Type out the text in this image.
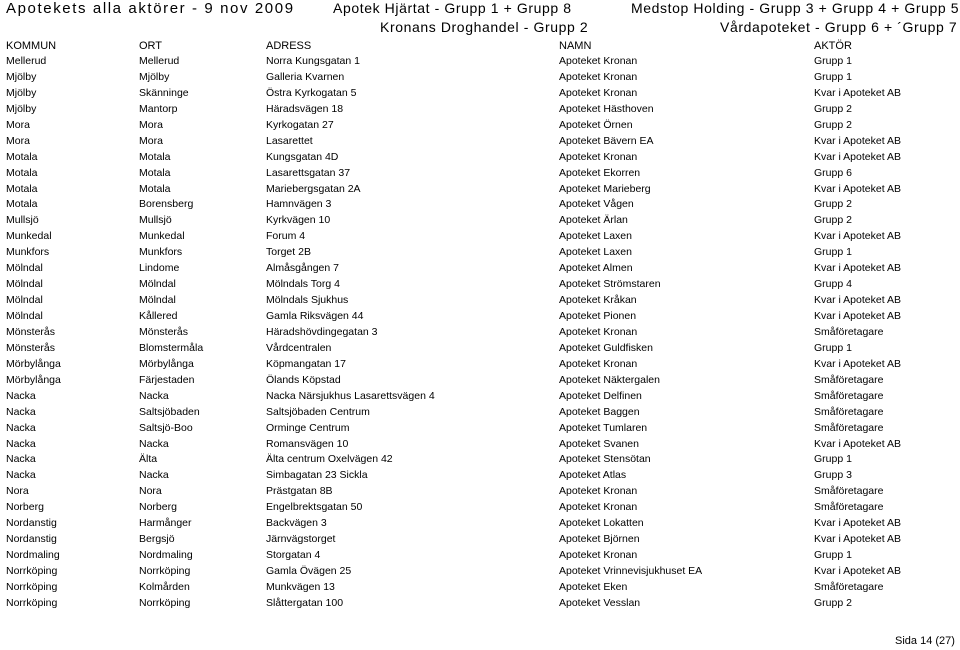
Apotekets alla aktörer - 9 nov 2009	Apotek Hjärtat - Grupp 1 + Grupp 8	Medstop Holding - Grupp 3 + Grupp 4 + Grupp 5
Kronans Droghandel - Grupp 2	Vårdapoteket - Grupp 6 + ´Grupp 7
KOMMUN	ORT	ADRESS	NAMN	AKTÖR
Mellerud	Mellerud	Norra Kungsgatan 1	Apoteket Kronan	Grupp 1
Mjölby	Mjölby	Galleria Kvarnen	Apoteket Kronan	Grupp 1
Mjölby	Skänninge	Östra Kyrkogatan 5	Apoteket Kronan	Kvar i Apoteket AB
Mjölby	Mantorp	Häradsvägen 18	Apoteket Hästhoven	Grupp 2
Mora	Mora	Kyrkogatan 27	Apoteket Örnen	Grupp 2
Mora	Mora	Lasarettet	Apoteket Bävern EA	Kvar i Apoteket AB
Motala	Motala	Kungsgatan 4D	Apoteket Kronan	Kvar i Apoteket AB
Motala	Motala	Lasarettsgatan 37	Apoteket Ekorren	Grupp 6
Motala	Motala	Mariebergsgatan 2A	Apoteket Marieberg	Kvar i Apoteket AB
Motala	Borensberg	Hamnvägen 3	Apoteket Vågen	Grupp 2
Mullsjö	Mullsjö	Kyrkvägen 10	Apoteket Ärlan	Grupp 2
Munkedal	Munkedal	Forum 4	Apoteket Laxen	Kvar i Apoteket AB
Munkfors	Munkfors	Torget 2B	Apoteket Laxen	Grupp 1
Mölndal	Lindome	Almåsgången 7	Apoteket Almen	Kvar i Apoteket AB
Mölndal	Mölndal	Mölndals Torg 4	Apoteket Strömstaren	Grupp 4
Mölndal	Mölndal	Mölndals Sjukhus	Apoteket Kråkan	Kvar i Apoteket AB
Mölndal	Kållered	Gamla Riksvägen 44	Apoteket Pionen	Kvar i Apoteket AB
Mönsterås	Mönsterås	Häradshövdingegatan 3	Apoteket Kronan	Småföretagare
Mönsterås	Blomstermåla	Vårdcentralen	Apoteket Guldfisken	Grupp 1
Mörbylånga	Mörbylånga	Köpmangatan 17	Apoteket Kronan	Kvar i Apoteket AB
Mörbylånga	Färjestaden	Ölands Köpstad	Apoteket Näktergalen	Småföretagare
Nacka	Nacka	Nacka Närsjukhus Lasarettsvägen 4	Apoteket Delfinen	Småföretagare
Nacka	Saltsjöbaden	Saltsjöbaden Centrum	Apoteket Baggen	Småföretagare
Nacka	Saltsjö-Boo	Orminge Centrum	Apoteket Tumlaren	Småföretagare
Nacka	Nacka	Romansvägen 10	Apoteket Svanen	Kvar i Apoteket AB
Nacka	Älta	Älta centrum Oxelvägen 42	Apoteket Stensötan	Grupp 1
Nacka	Nacka	Simbagatan 23 Sickla	Apoteket Atlas	Grupp 3
Nora	Nora	Prästgatan 8B	Apoteket Kronan	Småföretagare
Norberg	Norberg	Engelbrektsgatan 50	Apoteket Kronan	Småföretagare
Nordanstig	Harmånger	Backvägen 3	Apoteket Lokatten	Kvar i Apoteket AB
Nordanstig	Bergsjö	Järnvägstorget	Apoteket Björnen	Kvar i Apoteket AB
Nordmaling	Nordmaling	Storgatan 4	Apoteket Kronan	Grupp 1
Norrköping	Norrköping	Gamla Övägen 25	Apoteket Vrinnevisjukhuset EA	Kvar i Apoteket AB
Norrköping	Kolmården	Munkvägen 13	Apoteket Eken	Småföretagare
Norrköping	Norrköping	Slåttergatan 100	Apoteket Vesslan	Grupp 2
Sida 14 (27)
